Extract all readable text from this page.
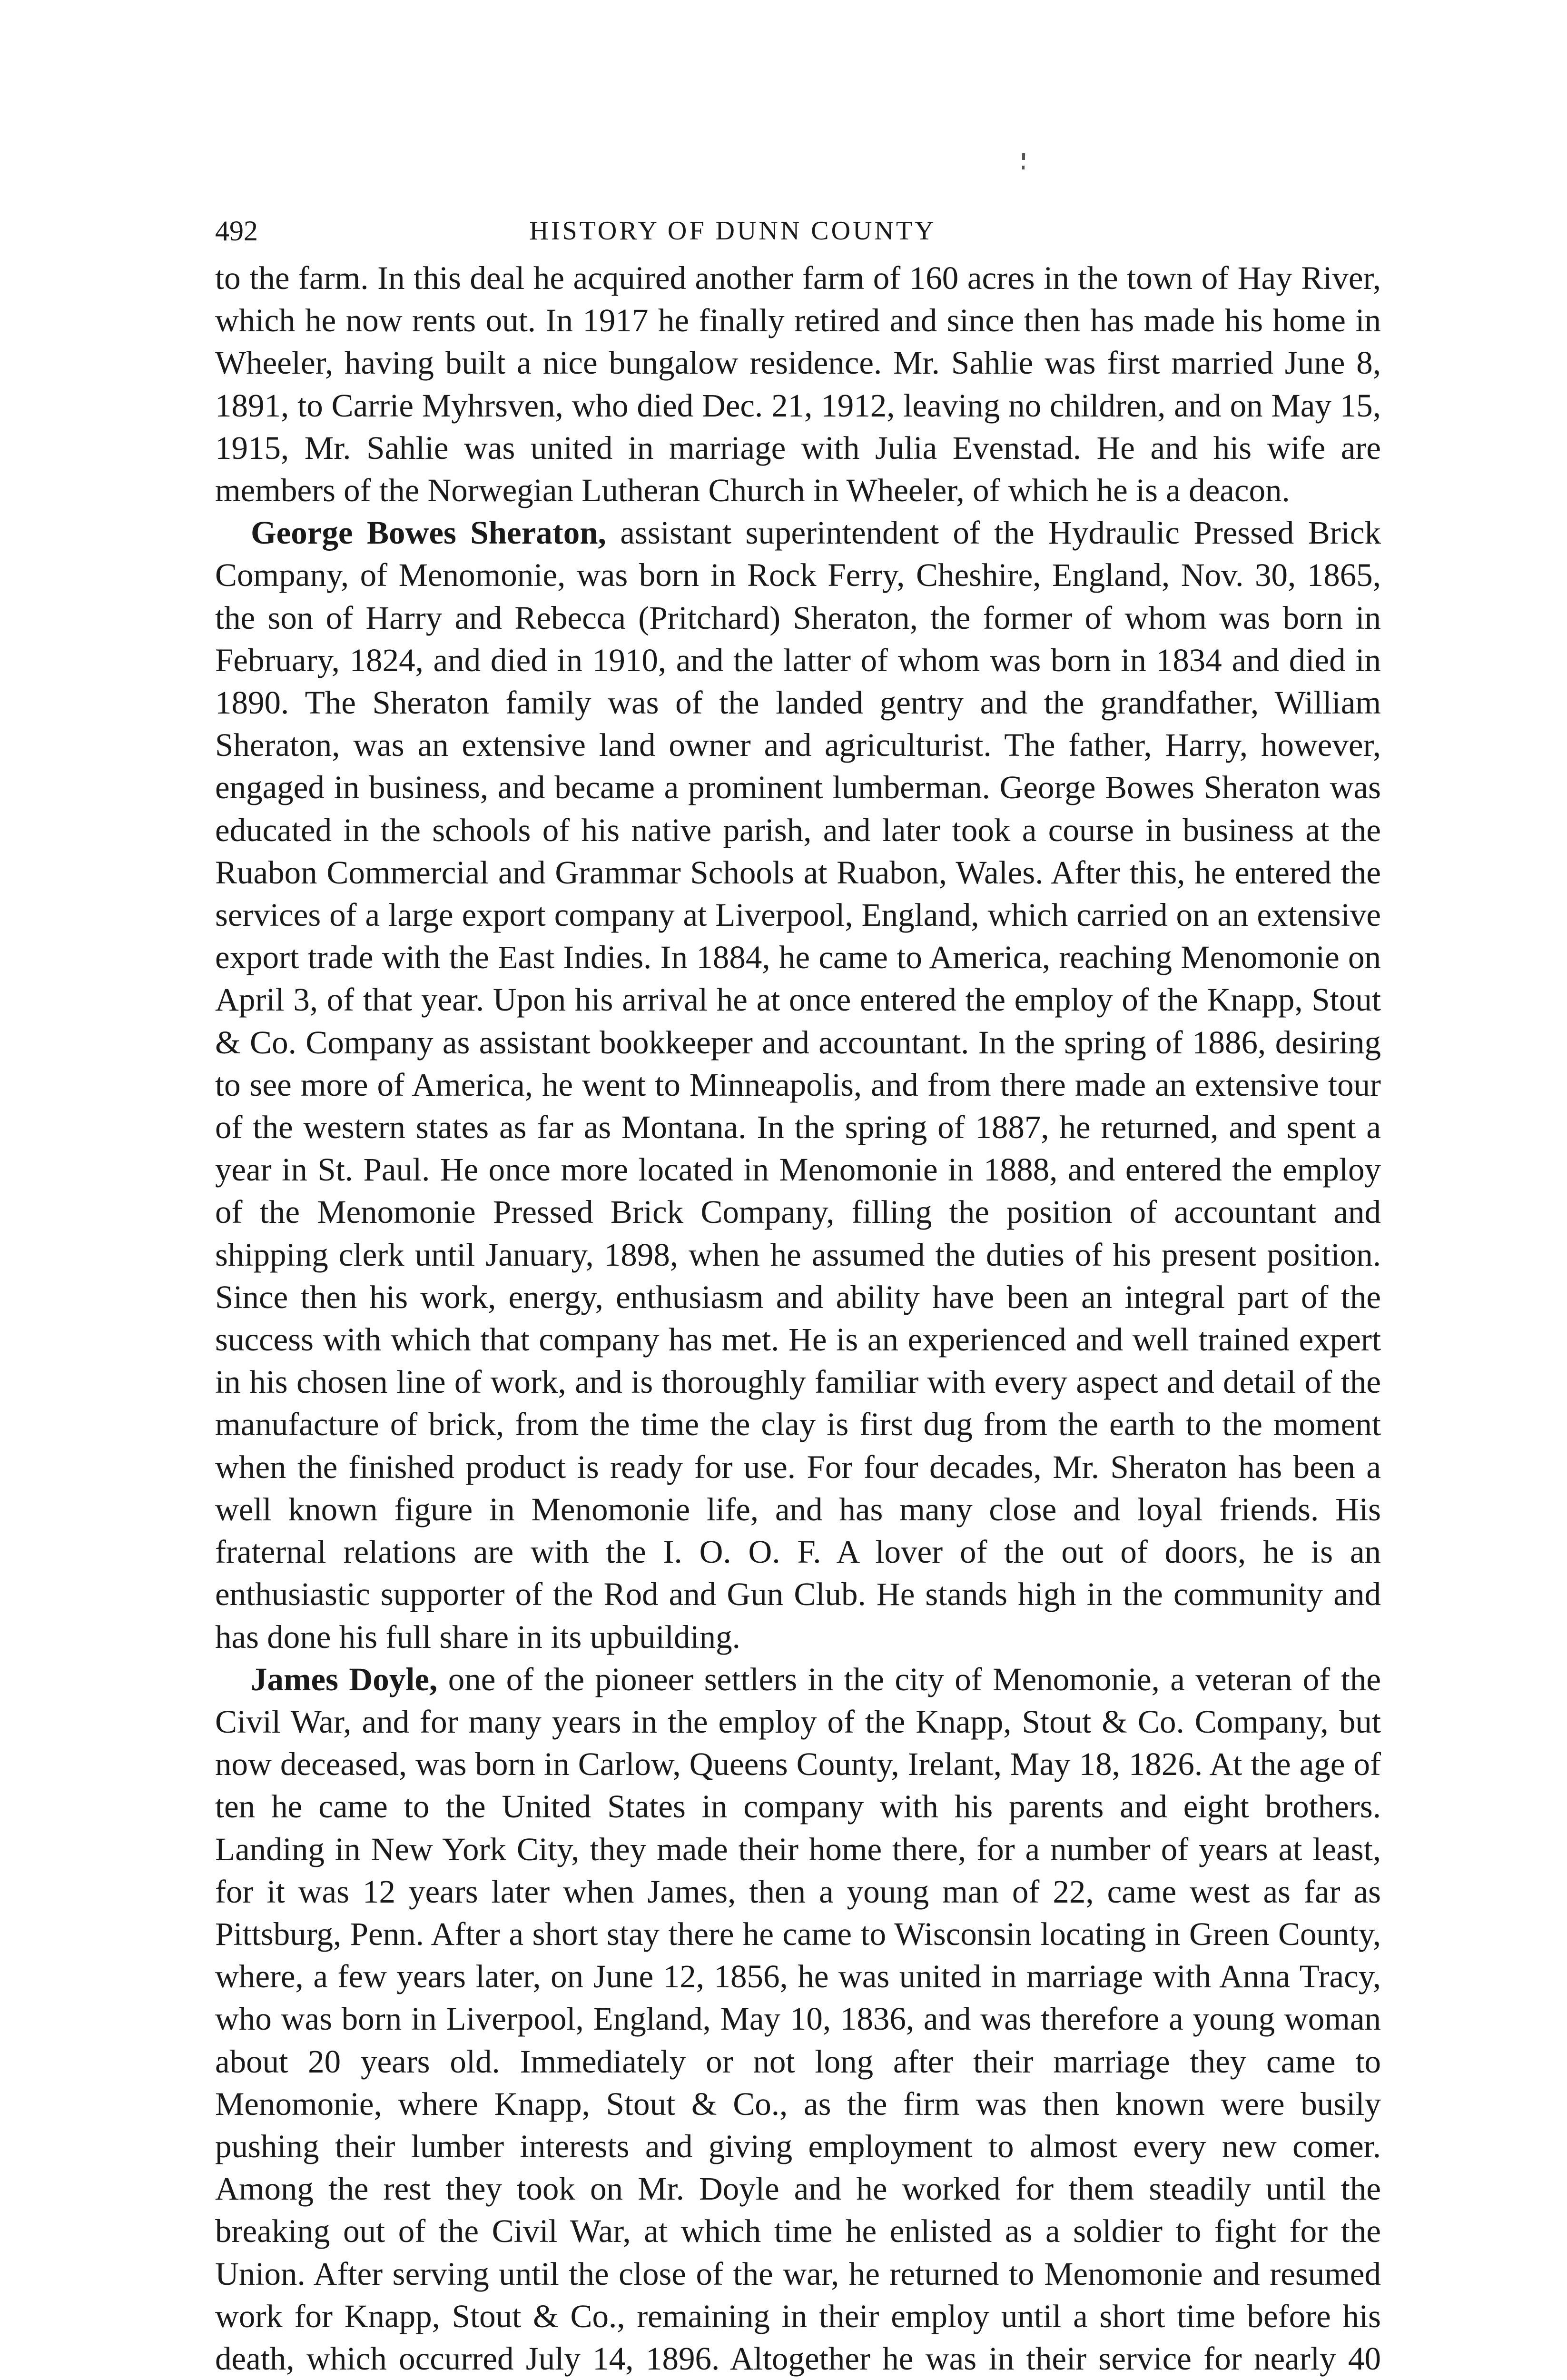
492	HISTORY OF DUNN COUNTY

to the farm. In this deal he acquired another farm of 160 acres in the town of Hay River, which he now rents out. In 1917 he finally retired and since then has made his home in Wheeler, having built a nice bungalow residence. Mr. Sahlie was first married June 8, 1891, to Carrie Myhrsven, who died Dec. 21, 1912, leaving no children, and on May 15, 1915, Mr. Sahlie was united in marriage with Julia Evenstad. He and his wife are members of the Norwegian Lutheran Church in Wheeler, of which he is a deacon.

George Bowes Sheraton, assistant superintendent of the Hydraulic Pressed Brick Company, of Menomonie, was born in Rock Ferry, Cheshire, England, Nov. 30, 1865, the son of Harry and Rebecca (Pritchard) Sheraton, the former of whom was born in February, 1824, and died in 1910, and the latter of whom was born in 1834 and died in 1890. The Sheraton family was of the landed gentry and the grandfather, William Sheraton, was an extensive land owner and agriculturist. The father, Harry, however, engaged in business, and became a prominent lumberman. George Bowes Sheraton was educated in the schools of his native parish, and later took a course in business at the Ruabon Commercial and Grammar Schools at Ruabon, Wales. After this, he entered the services of a large export company at Liverpool, England, which carried on an extensive export trade with the East Indies. In 1884, he came to America, reaching Menomonie on April 3, of that year. Upon his arrival he at once entered the employ of the Knapp, Stout & Co. Company as assistant bookkeeper and accountant. In the spring of 1886, desiring to see more of America, he went to Minneapolis, and from there made an extensive tour of the western states as far as Montana. In the spring of 1887, he returned, and spent a year in St. Paul. He once more located in Menomonie in 1888, and entered the employ of the Menomonie Pressed Brick Company, filling the position of accountant and shipping clerk until January, 1898, when he assumed the duties of his present position. Since then his work, energy, enthusiasm and ability have been an integral part of the success with which that company has met. He is an experienced and well trained expert in his chosen line of work, and is thoroughly familiar with every aspect and detail of the manufacture of brick, from the time the clay is first dug from the earth to the moment when the finished product is ready for use. For four decades, Mr. Sheraton has been a well known figure in Menomonie life, and has many close and loyal friends. His fraternal relations are with the I. O. O. F. A lover of the out of doors, he is an enthusiastic supporter of the Rod and Gun Club. He stands high in the community and has done his full share in its upbuilding.

James Doyle, one of the pioneer settlers in the city of Menomonie, a veteran of the Civil War, and for many years in the employ of the Knapp, Stout & Co. Company, but now deceased, was born in Carlow, Queens County, Irelant, May 18, 1826. At the age of ten he came to the United States in company with his parents and eight brothers. Landing in New York City, they made their home there, for a number of years at least, for it was 12 years later when James, then a young man of 22, came west as far as Pittsburg, Penn. After a short stay there he came to Wisconsin locating in Green County, where, a few years later, on June 12, 1856, he was united in marriage with Anna Tracy, who was born in Liverpool, England, May 10, 1836, and was therefore a young woman about 20 years old. Immediately or not long after their marriage they came to Menomonie, where Knapp, Stout & Co., as the firm was then known were busily pushing their lumber interests and giving employment to almost every new comer. Among the rest they took on Mr. Doyle and he worked for them steadily until the breaking out of the Civil War, at which time he enlisted as a soldier to fight for the Union. After serving until the close of the war, he returned to Menomonie and resumed work for Knapp, Stout & Co., remaining in their employ until a short time before his death, which occurred July 14, 1896. Altogether he was in their service for nearly 40
